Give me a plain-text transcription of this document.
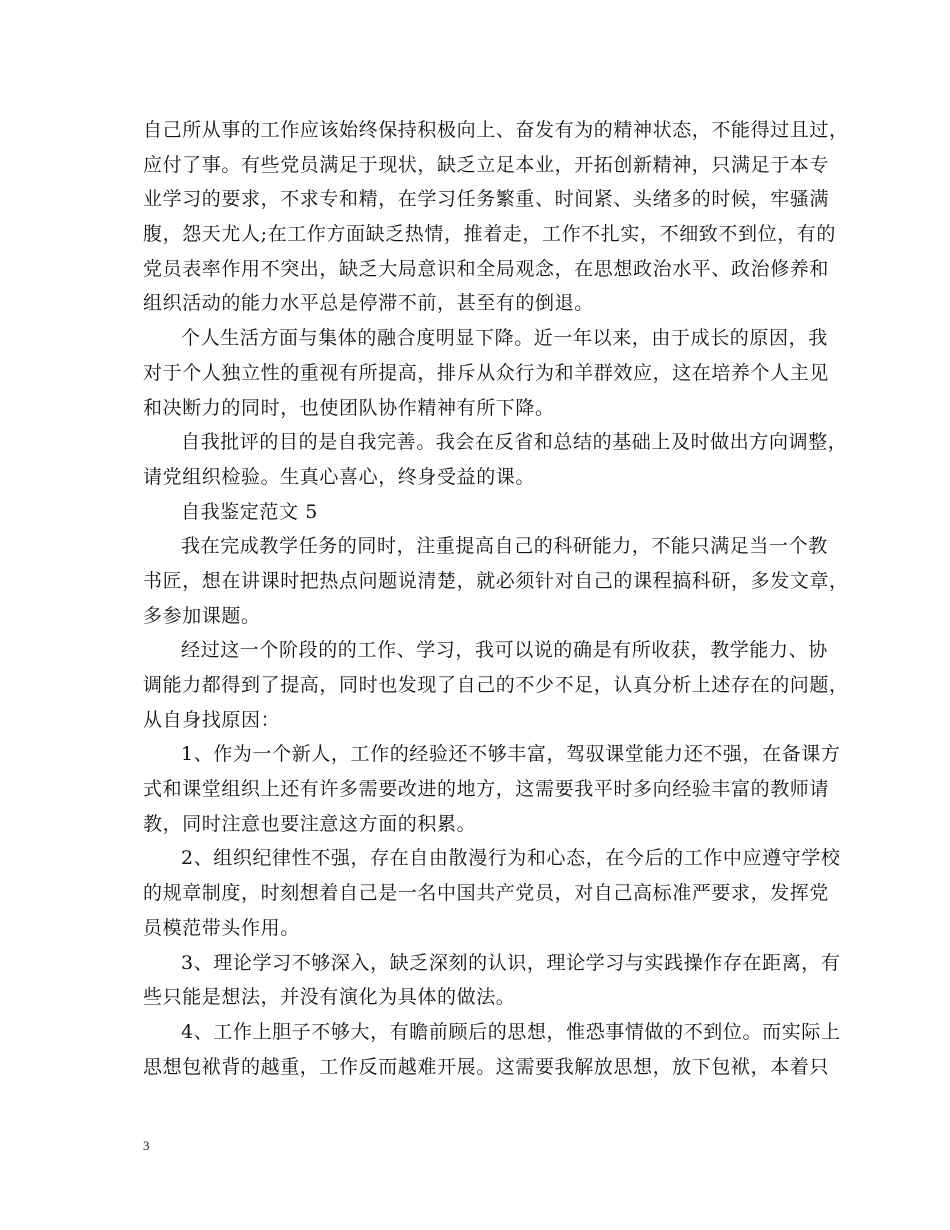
自己所从事的工作应该始终保持积极向上、奋发有为的精神状态，不能得过且过，
应付了事。有些党员满足于现状，缺乏立足本业，开拓创新精神，只满足于本专
业学习的要求，不求专和精，在学习任务繁重、时间紧、头绪多的时候，牢骚满
腹，怨天尤人;在工作方面缺乏热情，推着走，工作不扎实，不细致不到位，有的
党员表率作用不突出，缺乏大局意识和全局观念，在思想政治水平、政治修养和
组织活动的能力水平总是停滞不前，甚至有的倒退。
个人生活方面与集体的融合度明显下降。近一年以来，由于成长的原因，我
对于个人独立性的重视有所提高，排斥从众行为和羊群效应，这在培养个人主见
和决断力的同时，也使团队协作精神有所下降。
自我批评的目的是自我完善。我会在反省和总结的基础上及时做出方向调整，
请党组织检验。生真心喜心，终身受益的课。
自我鉴定范文 5
我在完成教学任务的同时，注重提高自己的科研能力，不能只满足当一个教
书匠，想在讲课时把热点问题说清楚，就必须针对自己的课程搞科研，多发文章，
多参加课题。
经过这一个阶段的的工作、学习，我可以说的确是有所收获，教学能力、协
调能力都得到了提高，同时也发现了自己的不少不足，认真分析上述存在的问题，
从自身找原因：
1、作为一个新人，工作的经验还不够丰富，驾驭课堂能力还不强，在备课方
式和课堂组织上还有许多需要改进的地方，这需要我平时多向经验丰富的教师请
教，同时注意也要注意这方面的积累。
2、组织纪律性不强，存在自由散漫行为和心态，在今后的工作中应遵守学校
的规章制度，时刻想着自己是一名中国共产党员，对自己高标准严要求，发挥党
员模范带头作用。
3、理论学习不够深入，缺乏深刻的认识，理论学习与实践操作存在距离，有
些只能是想法，并没有演化为具体的做法。
4、工作上胆子不够大，有瞻前顾后的思想，惟恐事情做的不到位。而实际上
思想包袱背的越重，工作反而越难开展。这需要我解放思想，放下包袱，本着只
3
